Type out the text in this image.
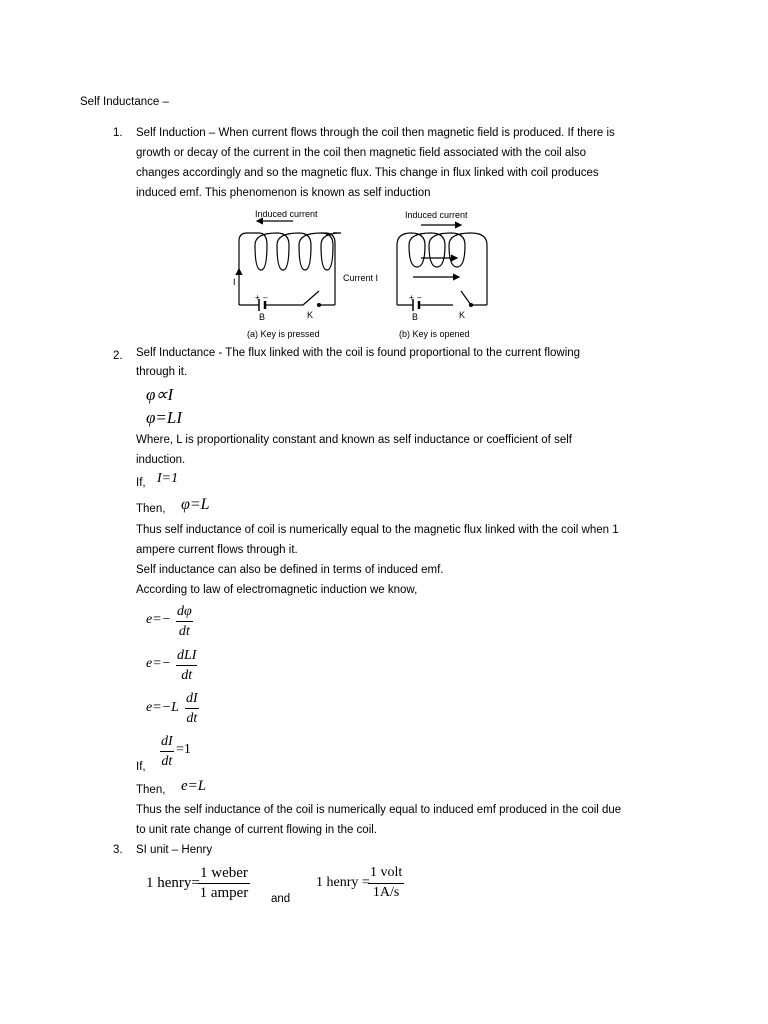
Self Inductance –
1. Self Induction – When current flows through the coil then magnetic field is produced. If there is
growth or decay of the current in the coil then magnetic field associated with the coil also
changes accordingly and so the magnetic flux. This change in flux linked with coil produces
induced emf. This phenomenon is known as self induction
Induced current
I	Current I
Induced current
+ –	+ –
B	K	B	K
(a) Key is pressed	(b) Key is opened
2. Self Inductance - The flux linked with the coil is found proportional to the current flowing
through it.
φ∝I
φ=LI
Where, L is proportionality constant and known as self inductance or coefficient of self
induction.
If, I=1
Then, φ=L
Thus self inductance of coil is numerically equal to the magnetic flux linked with the coil when 1
ampere current flows through it.
Self inductance can also be defined in terms of induced emf.
According to law of electromagnetic induction we know,
$e=- \frac{d\varphi}{dt}$
e=−
dLI
dt
$e=-L \frac{dI}{dt}$
$\frac{dI}{dt} =1$
If,
Then, e=L
Thus the self inductance of the coil is numerically equal to induced emf produced in the coil due
to unit rate change of current flowing in the coil.
3. SI unit – Henry
1 henry=
1 weber
1 amper and
1 henry =
1 volt
1A/s
